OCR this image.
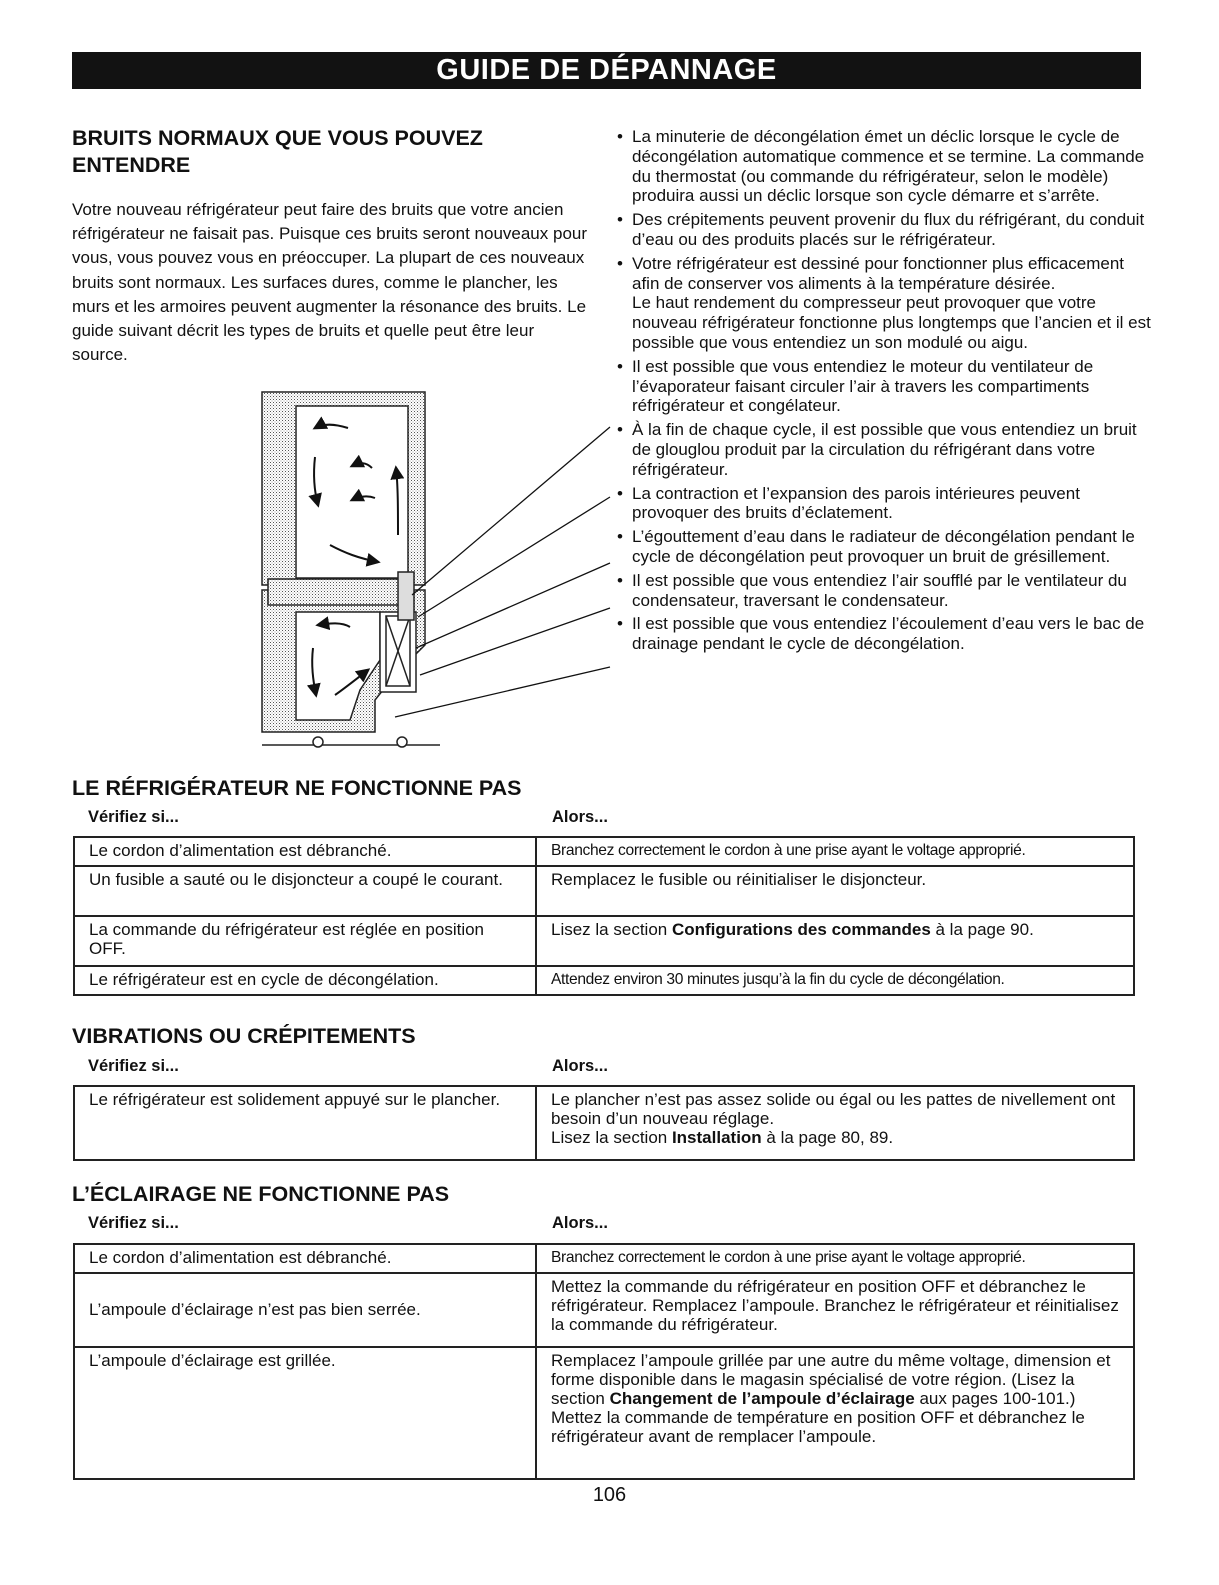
GUIDE DE DÉPANNAGE
BRUITS NORMAUX QUE VOUS POUVEZ ENTENDRE
Votre nouveau réfrigérateur peut faire des bruits que votre ancien réfrigérateur ne faisait pas. Puisque ces bruits seront nouveaux pour vous, vous pouvez vous en préoccuper. La plupart de ces nouveaux bruits sont normaux. Les surfaces dures, comme le plancher, les murs et les armoires peuvent augmenter la résonance des bruits. Le guide suivant décrit les types de bruits et quelle peut être leur source.
• La minuterie de décongélation émet un déclic lorsque le cycle de décongélation automatique commence et se termine. La commande du thermostat (ou commande du réfrigérateur, selon le modèle) produira aussi un déclic lorsque son cycle démarre et s’arrête.
• Des crépitements peuvent provenir du flux du réfrigérant, du conduit d’eau ou des produits placés sur le réfrigérateur.
• Votre réfrigérateur est dessiné pour fonctionner plus efficacement afin de conserver vos aliments à la température désirée.
Le haut rendement du compresseur peut provoquer que votre nouveau réfrigérateur fonctionne plus longtemps que l’ancien et il est possible que vous entendiez un son modulé ou aigu.
• Il est possible que vous entendiez le moteur du ventilateur de l’évaporateur faisant circuler l’air à travers les compartiments réfrigérateur et congélateur.
• À la fin de chaque cycle, il est possible que vous entendiez un bruit de glouglou produit par la circulation du réfrigérant dans votre réfrigérateur.
• La contraction et l’expansion des parois intérieures peuvent provoquer des bruits d’éclatement.
• L’égouttement d’eau dans le radiateur de décongélation pendant le cycle de décongélation peut provoquer un bruit de grésillement.
• Il est possible que vous entendiez l’air soufflé par le ventilateur du condensateur, traversant le condensateur.
• Il est possible que vous entendiez l’écoulement d’eau vers le bac de drainage pendant le cycle de décongélation.
LE RÉFRIGÉRATEUR NE FONCTIONNE PAS
Vérifiez si...	Alors...
Le cordon d’alimentation est débranché.	Branchez correctement le cordon à une prise ayant le voltage approprié.
Un fusible a sauté ou le disjoncteur a coupé le courant.	Remplacez le fusible ou réinitialiser le disjoncteur.
La commande du réfrigérateur est réglée en position OFF.	Lisez la section Configurations des commandes à la page 90.
Le réfrigérateur est en cycle de décongélation.	Attendez environ 30 minutes jusqu’à la fin du cycle de décongélation.
VIBRATIONS OU CRÉPITEMENTS
Vérifiez si...	Alors...
Le réfrigérateur est solidement appuyé sur le plancher.	Le plancher n’est pas assez solide ou égal ou les pattes de nivellement ont besoin d’un nouveau réglage.
Lisez la section Installation à la page 80, 89.
L’ÉCLAIRAGE NE FONCTIONNE PAS
Vérifiez si...	Alors...
Le cordon d’alimentation est débranché.	Branchez correctement le cordon à une prise ayant le voltage approprié.
L’ampoule d’éclairage n’est pas bien serrée.	Mettez la commande du réfrigérateur en position OFF et débranchez le réfrigérateur. Remplacez l’ampoule. Branchez le réfrigérateur et réinitialisez la commande du réfrigérateur.
L’ampoule d’éclairage est grillée.	Remplacez l’ampoule grillée par une autre du même voltage, dimension et forme disponible dans le magasin spécialisé de votre région. (Lisez la section Changement de l’ampoule d’éclairage aux pages 100-101.)
Mettez la commande de température en position OFF et débranchez le réfrigérateur avant de remplacer l’ampoule.
106
